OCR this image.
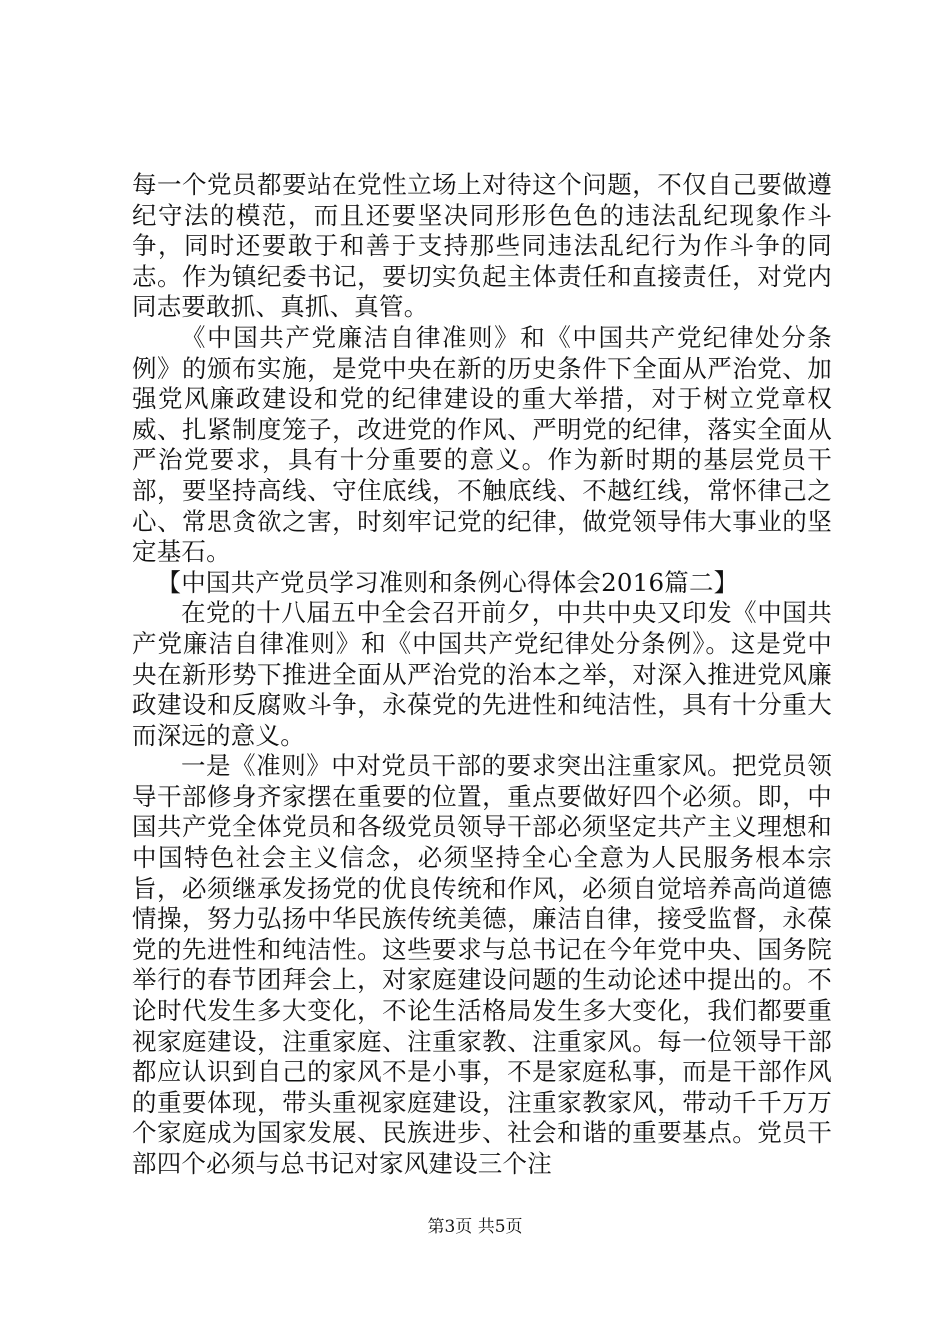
每一个党员都要站在党性立场上对待这个问题，不仅自己要做遵纪守法的模范，而且还要坚决同形形色色的违法乱纪现象作斗争，同时还要敢于和善于支持那些同违法乱纪行为作斗争的同志。作为镇纪委书记，要切实负起主体责任和直接责任，对党内同志要敢抓、真抓、真管。

《中国共产党廉洁自律准则》和《中国共产党纪律处分条例》的颁布实施，是党中央在新的历史条件下全面从严治党、加强党风廉政建设和党的纪律建设的重大举措，对于树立党章权威、扎紧制度笼子，改进党的作风、严明党的纪律，落实全面从严治党要求，具有十分重要的意义。作为新时期的基层党员干部，要坚持高线、守住底线，不触底线、不越红线，常怀律己之心、常思贪欲之害，时刻牢记党的纪律，做党领导伟大事业的坚定基石。

【中国共产党员学习准则和条例心得体会2016篇二】

在党的十八届五中全会召开前夕，中共中央又印发《中国共产党廉洁自律准则》和《中国共产党纪律处分条例》。这是党中央在新形势下推进全面从严治党的治本之举，对深入推进党风廉政建设和反腐败斗争，永葆党的先进性和纯洁性，具有十分重大而深远的意义。

一是《准则》中对党员干部的要求突出注重家风。把党员领导干部修身齐家摆在重要的位置，重点要做好四个必须。即，中国共产党全体党员和各级党员领导干部必须坚定共产主义理想和中国特色社会主义信念，必须坚持全心全意为人民服务根本宗旨，必须继承发扬党的优良传统和作风，必须自觉培养高尚道德情操，努力弘扬中华民族传统美德，廉洁自律，接受监督，永葆党的先进性和纯洁性。这些要求与总书记在今年党中央、国务院举行的春节团拜会上，对家庭建设问题的生动论述中提出的。不论时代发生多大变化，不论生活格局发生多大变化，我们都要重视家庭建设，注重家庭、注重家教、注重家风。每一位领导干部都应认识到自己的家风不是小事，不是家庭私事，而是干部作风的重要体现，带头重视家庭建设，注重家教家风，带动千千万万个家庭成为国家发展、民族进步、社会和谐的重要基点。党员干部四个必须与总书记对家风建设三个注

第3页 共5页
